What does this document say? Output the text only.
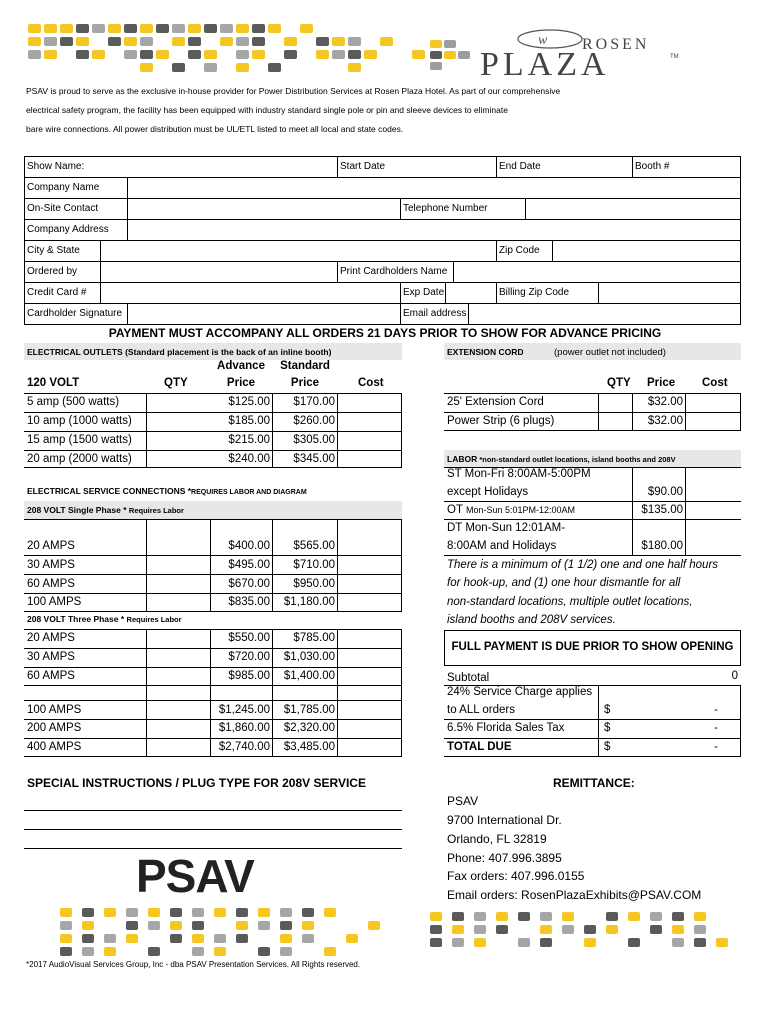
w ROSEN
PLAZA	TM
PSAV is proud to serve as the exclusive in-house provider for Power Distribution Services at Rosen Plaza Hotel. As part of our comprehensive
electrical safety program, the facility has been equipped with industry standard single pole or pin and sleeve devices to eliminate
bare wire connections. All power distribution must be UL/ETL listed to meet all local and state codes.
Show Name:	Start Date	End Date	Booth #
Company Name
On-Site Contact	Telephone Number
Company Address
City & State	Zip Code
Ordered by	Print Cardholders Name
Credit Card #	Exp Date	Billing Zip Code
Cardholder Signature	Email address
PAYMENT MUST ACCOMPANY ALL ORDERS 21 DAYS PRIOR TO SHOW FOR ADVANCE PRICING
ELECTRICAL OUTLETS (Standard placement is the back of an inline booth)
Advance
Price
Standard
Price
120 VOLT	QTY	Cost
5 amp (500 watts)	$125.00	$170.00
10 amp (1000 watts)	$185.00	$260.00
15 amp (1500 watts)	$215.00	$305.00
20 amp (2000 watts)	$240.00	$345.00
ELECTRICAL SERVICE CONNECTIONS *REQUIRES LABOR AND DIAGRAM
208 VOLT Single Phase * Requires Labor
20 AMPS	$400.00	$565.00
30 AMPS	$495.00	$710.00
60 AMPS	$670.00	$950.00
100 AMPS	$835.00	$1,180.00
208 VOLT Three Phase * Requires Labor
20 AMPS	$550.00	$785.00
30 AMPS	$720.00	$1,030.00
60 AMPS	$985.00	$1,400.00
100 AMPS	$1,245.00	$1,785.00
200 AMPS	$1,860.00	$2,320.00
400 AMPS	$2,740.00	$3,485.00
EXTENSION CORD	(power outlet not included)
QTY Price Cost
25' Extension Cord	$32.00
Power Strip (6 plugs)	$32.00
LABOR *non-standard outlet locations, island booths and 208V
ST Mon-Fri 8:00AM-5:00PM
except Holidays	$90.00
OT Mon-Sun 5:01PM-12:00AM	$135.00
DT Mon-Sun 12:01AM-
8:00AM and Holidays	$180.00
There is a minimum of (1 1/2) one and one half hours
for hook-up, and (1) one hour dismantle for all
non-standard locations, multiple outlet locations,
island booths and 208V services.
FULL PAYMENT IS DUE PRIOR TO SHOW OPENING
Subtotal	0
24% Service Charge applies
to ALL orders	$	-
6.5% Florida Sales Tax	$	-
TOTAL DUE	$	-
SPECIAL INSTRUCTIONS / PLUG TYPE FOR 208V SERVICE	REMITTANCE:
PSAV
9700 International Dr.
Orlando, FL 32819
Phone: 407.996.3895
Fax orders: 407.996.0155
Email orders: RosenPlazaExhibits@PSAV.COM
PSAV
*2017 AudioVisual Services Group, Inc - dba PSAV Presentation Services. All Rights reserved.
